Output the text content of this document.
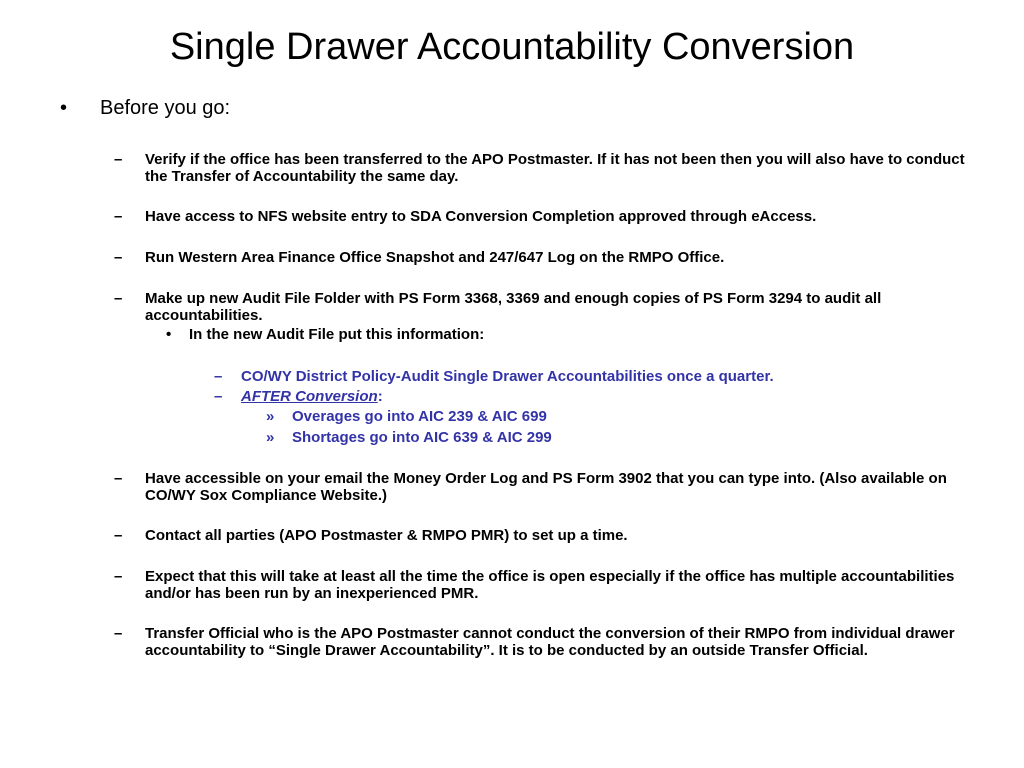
Single Drawer Accountability Conversion
•	Before you go:
–	Verify if the office has been transferred to the APO Postmaster. If it has not been then you will also have to conduct the Transfer of Accountability the same day.
–	Have access to NFS website entry to SDA Conversion Completion approved through eAccess.
–	Run Western Area Finance Office Snapshot and 247/647 Log on the RMPO Office.
–	Make up new Audit File Folder with PS Form 3368, 3369 and enough copies of PS Form 3294 to audit all accountabilities.
•	In the new Audit File put this information:
–	CO/WY District Policy-Audit Single Drawer Accountabilities once a quarter.
–	AFTER Conversion:
»	Overages go into AIC 239 & AIC 699
»	Shortages go into AIC 639 & AIC 299
–	Have accessible on your email the Money Order Log and PS Form 3902 that you can type into. (Also available on CO/WY Sox Compliance Website.)
–	Contact all parties (APO Postmaster & RMPO PMR) to set up a time.
–	Expect that this will take at least all the time the office is open especially if the office has multiple accountabilities and/or has been run by an inexperienced PMR.
–	Transfer Official who is the APO Postmaster cannot conduct the conversion of their RMPO from individual drawer accountability to “Single Drawer Accountability”. It is to be conducted by an outside Transfer Official.
